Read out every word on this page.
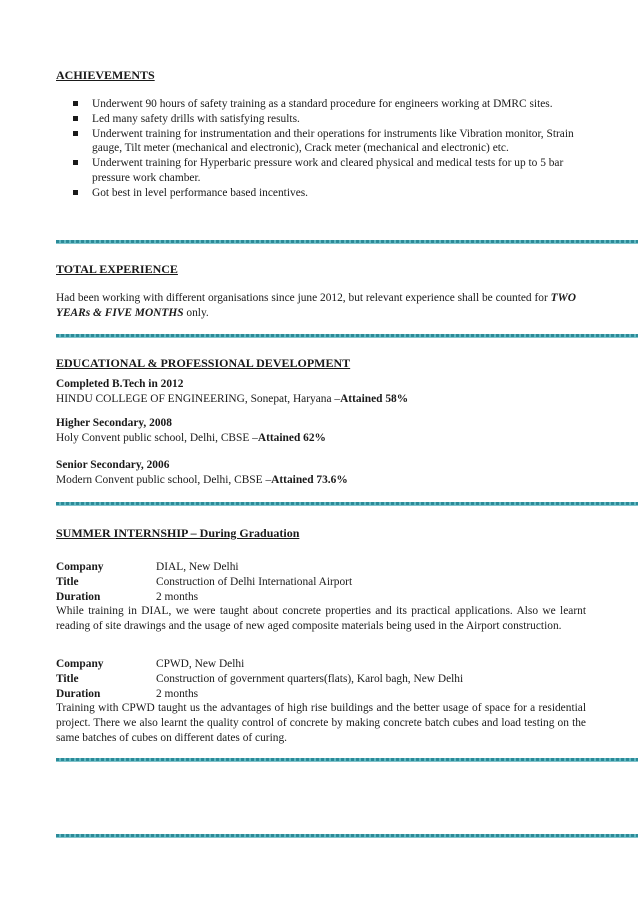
ACHIEVEMENTS
Underwent 90 hours of safety training as a standard procedure for engineers working at DMRC sites.
Led many safety drills with satisfying results.
Underwent training for instrumentation and their operations for instruments like Vibration monitor, Strain gauge, Tilt meter (mechanical and electronic), Crack meter (mechanical and electronic) etc.
Underwent training for Hyperbaric pressure work and cleared physical and medical tests for up to 5 bar pressure work chamber.
Got best in level performance based incentives.
TOTAL EXPERIENCE
Had been working with different organisations since june 2012, but relevant experience shall be counted for TWO YEARs & FIVE MONTHS only.
EDUCATIONAL & PROFESSIONAL DEVELOPMENT
Completed B.Tech in 2012
HINDU COLLEGE OF ENGINEERING, Sonepat, Haryana –Attained 58%
Higher Secondary, 2008
Holy Convent public school, Delhi, CBSE –Attained 62%
Senior Secondary, 2006
Modern Convent public school, Delhi, CBSE –Attained 73.6%
SUMMER INTERNSHIP – During Graduation
Company	DIAL, New Delhi
Title	Construction of Delhi International Airport
Duration	2 months
While training in DIAL, we were taught about concrete properties and its practical applications. Also we learnt reading of site drawings and the usage of new aged composite materials being used in the Airport construction.
Company	CPWD, New Delhi
Title	Construction of government quarters(flats), Karol bagh, New Delhi
Duration	2 months
Training with CPWD taught us the advantages of high rise buildings and the better usage of space for a residential project. There we also learnt the quality control of concrete by making concrete batch cubes and load testing on the same batches of cubes on different dates of curing.
